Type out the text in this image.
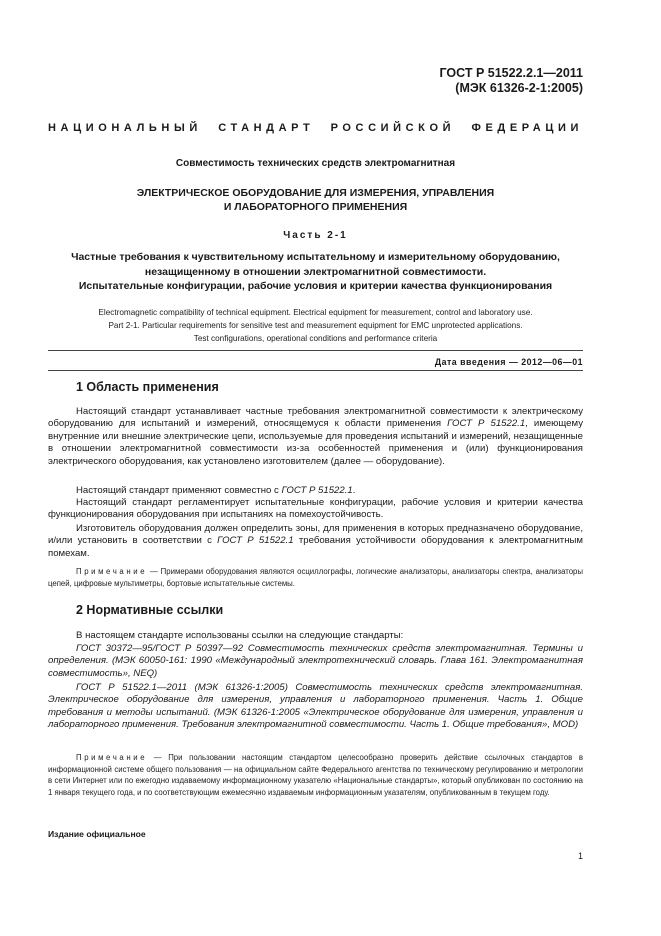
ГОСТ Р 51522.2.1—2011
(МЭК 61326-2-1:2005)
НАЦИОНАЛЬНЫЙ СТАНДАРТ РОССИЙСКОЙ ФЕДЕРАЦИИ
Совместимость технических средств электромагнитная
ЭЛЕКТРИЧЕСКОЕ ОБОРУДОВАНИЕ ДЛЯ ИЗМЕРЕНИЯ, УПРАВЛЕНИЯ
И ЛАБОРАТОРНОГО ПРИМЕНЕНИЯ
Часть 2-1
Частные требования к чувствительному испытательному и измерительному оборудованию,
незащищенному в отношении электромагнитной совместимости.
Испытательные конфигурации, рабочие условия и критерии качества функционирования
Electromagnetic compatibility of technical equipment. Electrical equipment for measurement, control and laboratory use.
Part 2-1. Particular requirements for sensitive test and measurement equipment for EMC unprotected applications.
Test configurations, operational conditions and performance criteria
Дата введения — 2012—06—01
1 Область применения
Настоящий стандарт устанавливает частные требования электромагнитной совместимости к электрическому оборудованию для испытаний и измерений, относящемуся к области применения ГОСТ Р 51522.1, имеющему внутренние или внешние электрические цепи, используемые для проведения испытаний и измерений, незащищенные в отношении электромагнитной совместимости из-за особенностей применения и (или) функционирования электрического оборудования, как установлено изготовителем (далее — оборудование).
Настоящий стандарт применяют совместно с ГОСТ Р 51522.1.
Настоящий стандарт регламентирует испытательные конфигурации, рабочие условия и критерии качества функционирования оборудования при испытаниях на помехоустойчивость.
Изготовитель оборудования должен определить зоны, для применения в которых предназначено оборудование, и/или установить в соответствии с ГОСТ Р 51522.1 требования устойчивости оборудования к электромагнитным помехам.
Примечание — Примерами оборудования являются осциллографы, логические анализаторы, анализаторы спектра, анализаторы цепей, цифровые мультиметры, бортовые испытательные системы.
2 Нормативные ссылки
В настоящем стандарте использованы ссылки на следующие стандарты:
ГОСТ 30372—95/ГОСТ Р 50397—92 Совместимость технических средств электромагнитная. Термины и определения. (МЭК 60050-161: 1990 «Международный электротехнический словарь. Глава 161. Электромагнитная совместимость», NEQ)
ГОСТ Р 51522.1—2011 (МЭК 61326-1:2005) Совместимость технических средств электромагнитная. Электрическое оборудование для измерения, управления и лабораторного применения. Часть 1. Общие требования и методы испытаний. (МЭК 61326-1:2005 «Электрическое оборудование для измерения, управления и лабораторного применения. Требования электромагнитной совместимости. Часть 1. Общие требования», MOD)
Примечание — При пользовании настоящим стандартом целесообразно проверить действие ссылочных стандартов в информационной системе общего пользования — на официальном сайте Федерального агентства по техническому регулированию и метрологии в сети Интернет или по ежегодно издаваемому информационному указателю «Национальные стандарты», который опубликован по состоянию на 1 января текущего года, и по соответствующим ежемесячно издаваемым информационным указателям, опубликованным в текущем году.
Издание официальное
1
